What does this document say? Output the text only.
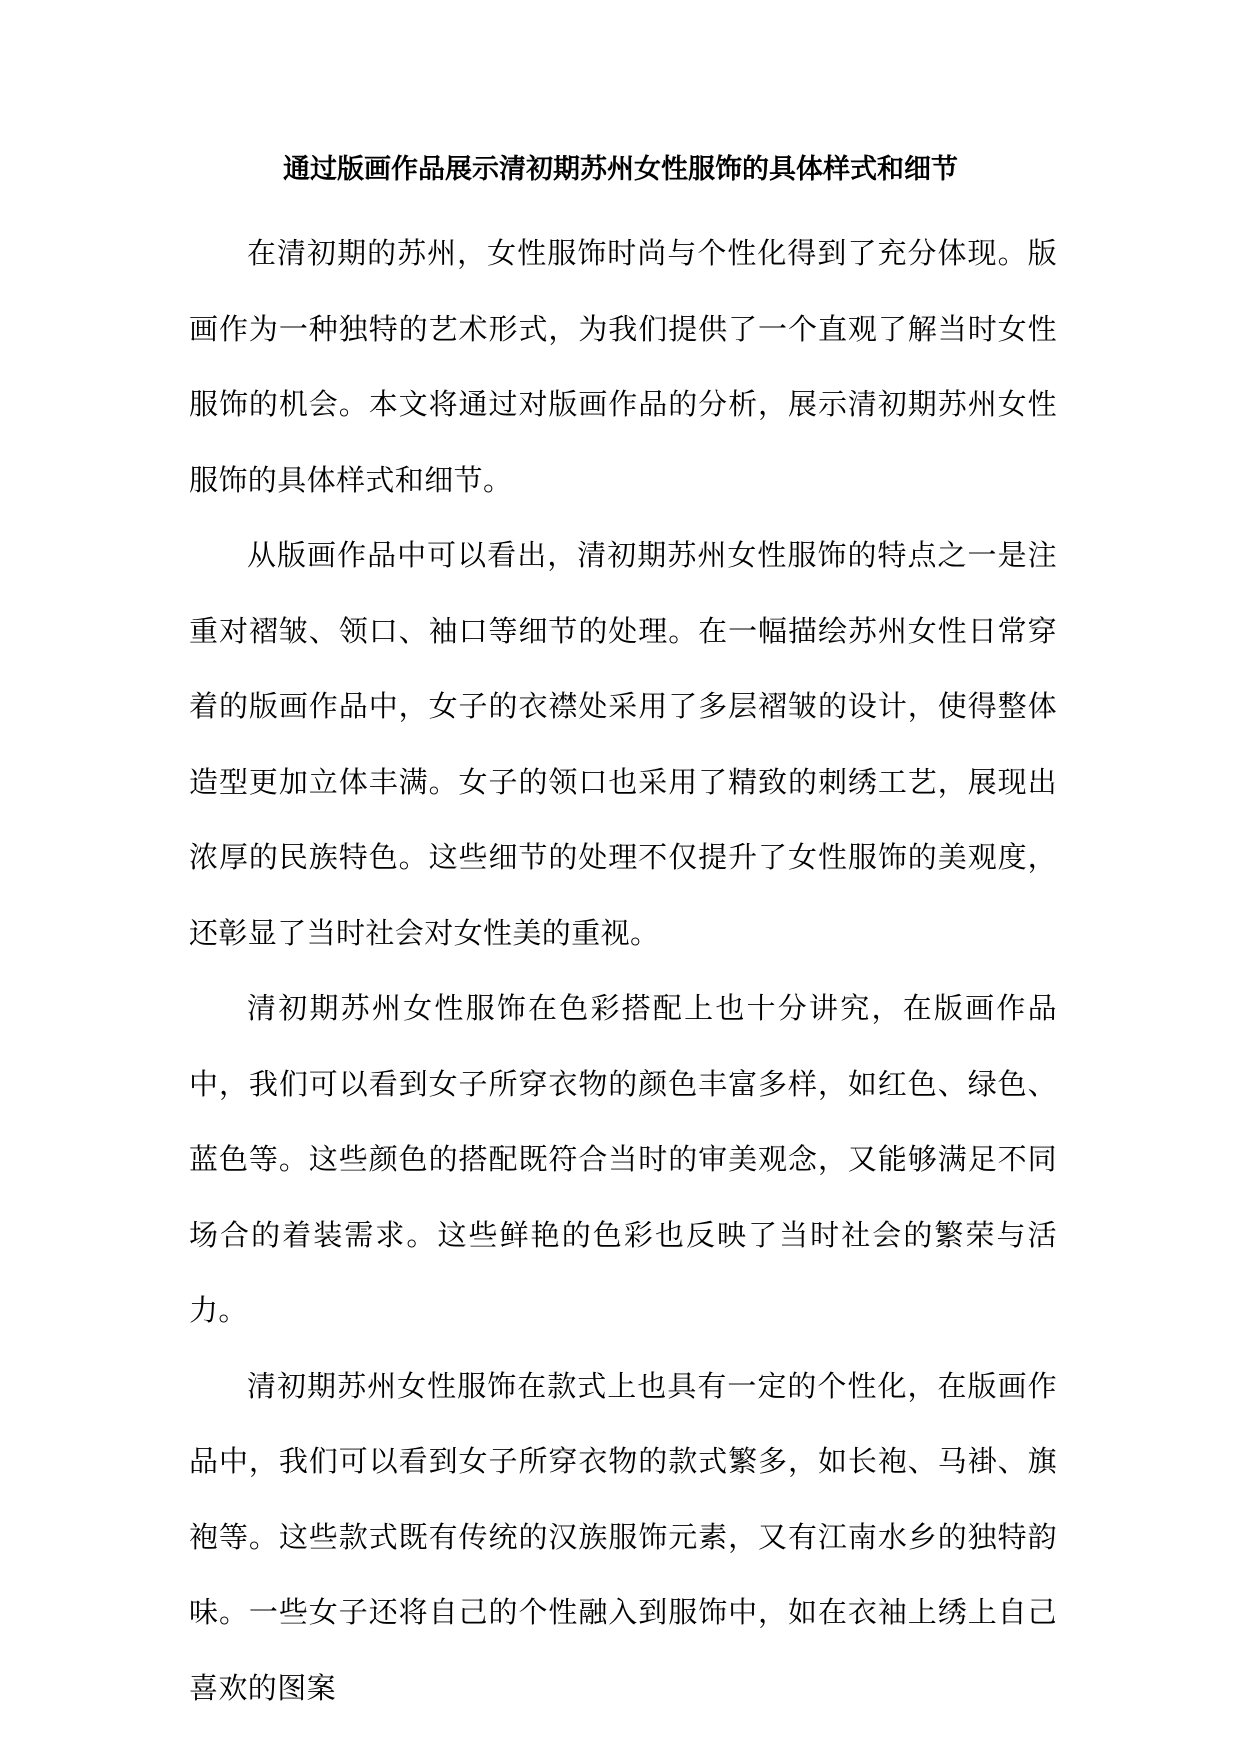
通过版画作品展示清初期苏州女性服饰的具体样式和细节

在清初期的苏州，女性服饰时尚与个性化得到了充分体现。版画作为一种独特的艺术形式，为我们提供了一个直观了解当时女性服饰的机会。本文将通过对版画作品的分析，展示清初期苏州女性服饰的具体样式和细节。

从版画作品中可以看出，清初期苏州女性服饰的特点之一是注重对褶皱、领口、袖口等细节的处理。在一幅描绘苏州女性日常穿着的版画作品中，女子的衣襟处采用了多层褶皱的设计，使得整体造型更加立体丰满。女子的领口也采用了精致的刺绣工艺，展现出浓厚的民族特色。这些细节的处理不仅提升了女性服饰的美观度，还彰显了当时社会对女性美的重视。

清初期苏州女性服饰在色彩搭配上也十分讲究，在版画作品中，我们可以看到女子所穿衣物的颜色丰富多样，如红色、绿色、蓝色等。这些颜色的搭配既符合当时的审美观念，又能够满足不同场合的着装需求。这些鲜艳的色彩也反映了当时社会的繁荣与活力。

清初期苏州女性服饰在款式上也具有一定的个性化，在版画作品中，我们可以看到女子所穿衣物的款式繁多，如长袍、马褂、旗袍等。这些款式既有传统的汉族服饰元素，又有江南水乡的独特韵味。一些女子还将自己的个性融入到服饰中，如在衣袖上绣上自己喜欢的图案
